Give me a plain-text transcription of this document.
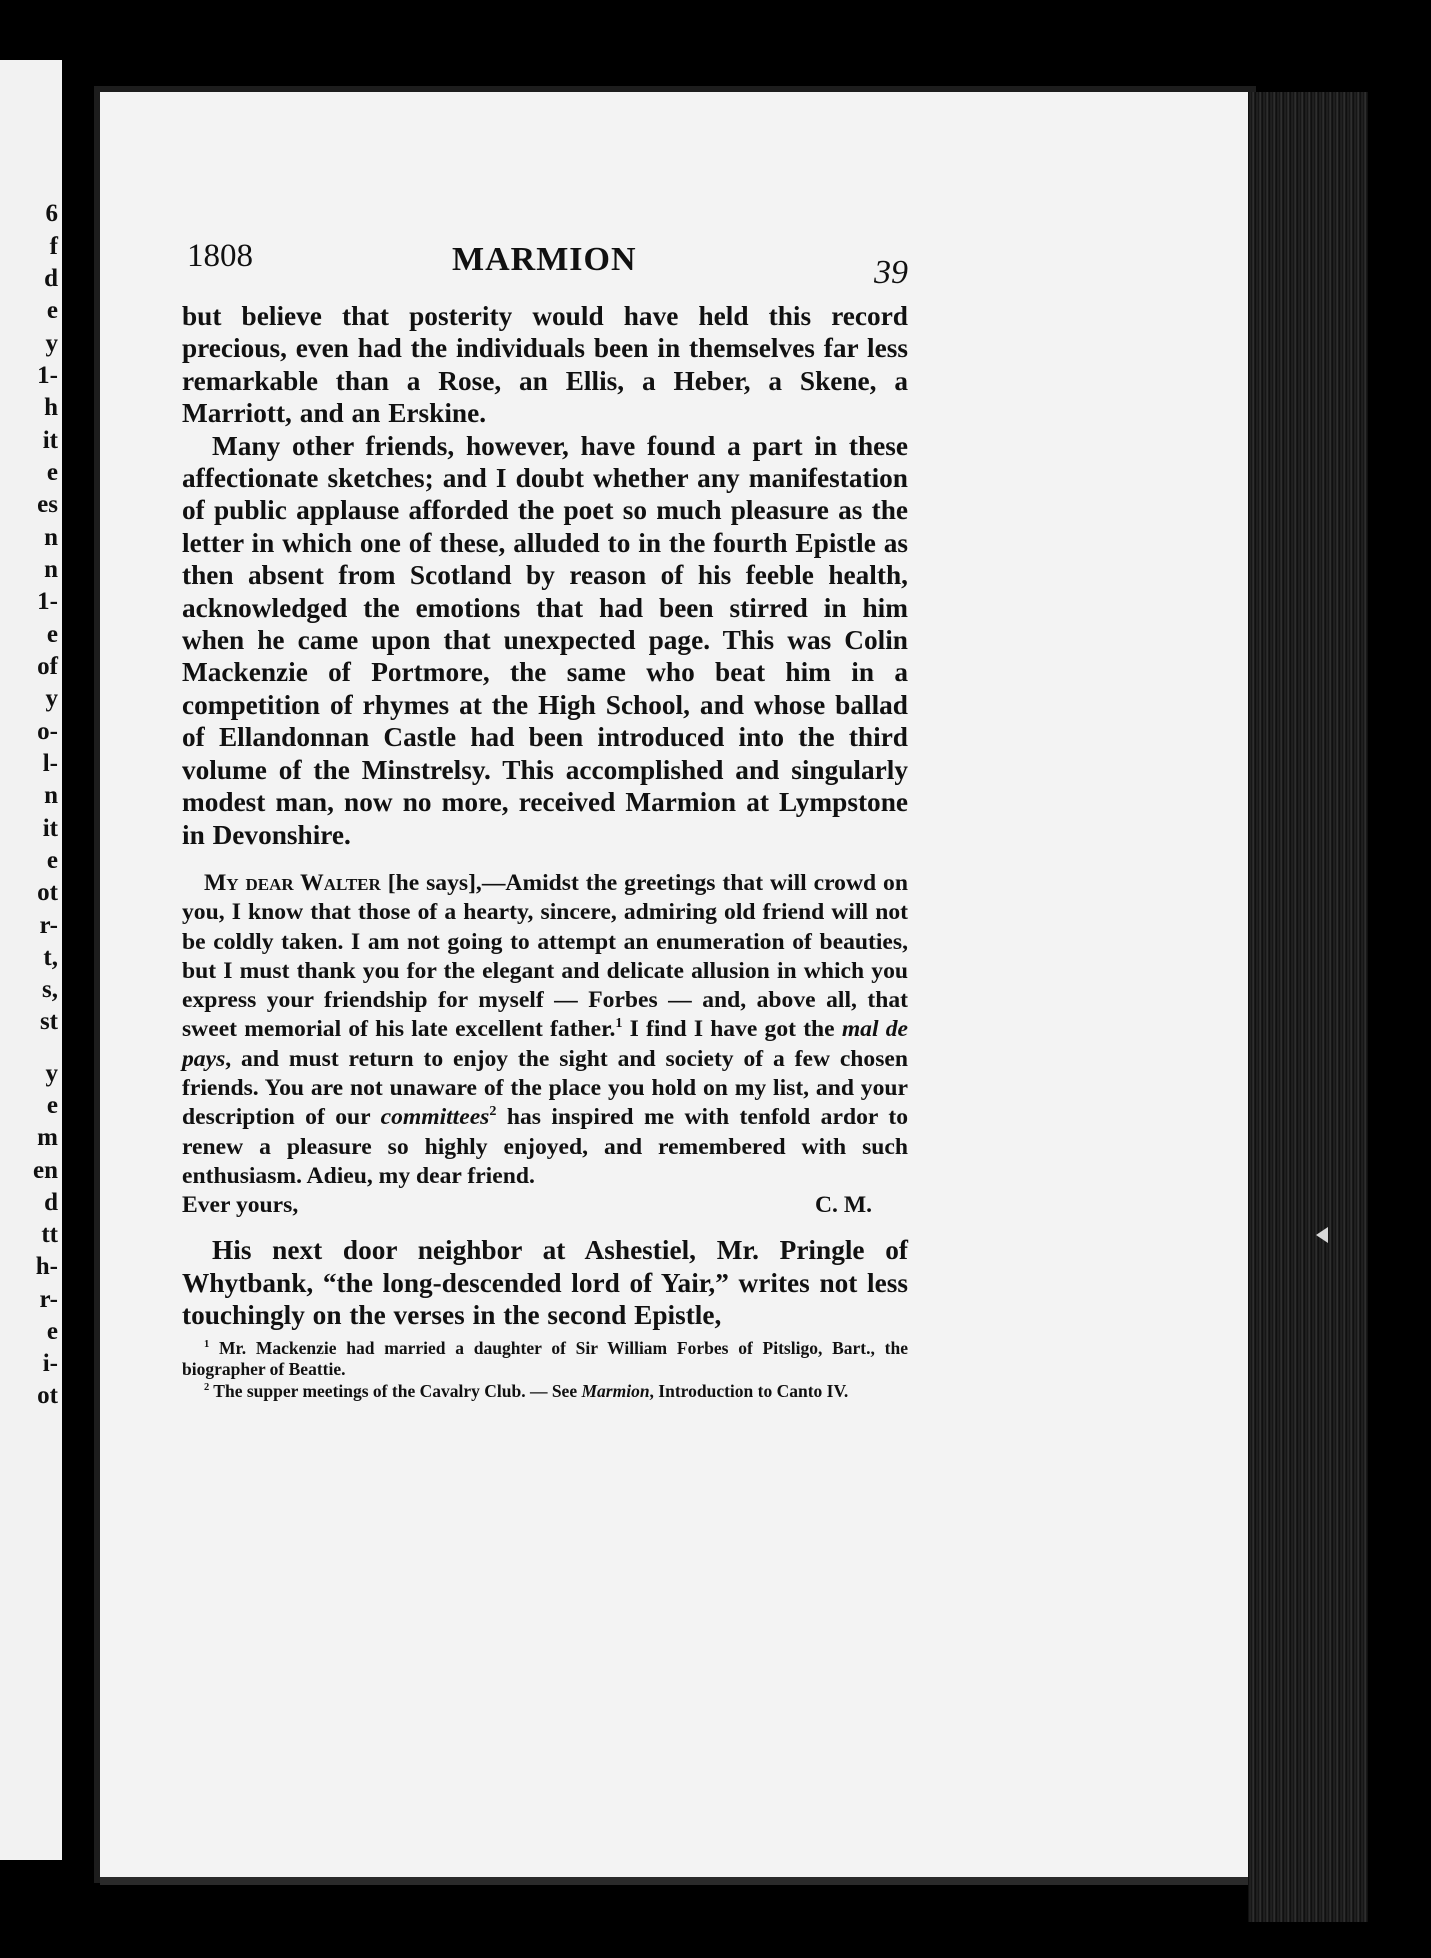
6
f
d
e
y
1-
h
it
e
es
n
n
1-
e
of
y
o-
l-
n
it
e
ot
r-
t,
s,
st
y
e
m
en
d
tt
h-
r-
e
i-
ot
1808	MARMION	39

but believe that posterity would have held this record precious, even had the individuals been in themselves far less remarkable than a Rose, an Ellis, a Heber, a Skene, a Marriott, and an Erskine.

Many other friends, however, have found a part in these affectionate sketches; and I doubt whether any manifestation of public applause afforded the poet so much pleasure as the letter in which one of these, alluded to in the fourth Epistle as then absent from Scotland by reason of his feeble health, acknowledged the emotions that had been stirred in him when he came upon that unexpected page. This was Colin Mackenzie of Portmore, the same who beat him in a competition of rhymes at the High School, and whose ballad of Ellandonnan Castle had been introduced into the third volume of the Minstrelsy. This accomplished and singularly modest man, now no more, received Marmion at Lympstone in Devonshire.

My dear Walter [he says],—Amidst the greetings that will crowd on you, I know that those of a hearty, sincere, admiring old friend will not be coldly taken. I am not going to attempt an enumeration of beauties, but I must thank you for the elegant and delicate allusion in which you express your friendship for myself — Forbes — and, above all, that sweet memorial of his late excellent father.$^1$ I find I have got the mal de pays, and must return to enjoy the sight and society of a few chosen friends. You are not unaware of the place you hold on my list, and your description of our committees$^2$ has inspired me with tenfold ardor to renew a pleasure so highly enjoyed, and remembered with such enthusiasm. Adieu, my dear friend.
Ever yours,	C. M.

His next door neighbor at Ashestiel, Mr. Pringle of Whytbank, “the long-descended lord of Yair,” writes not less touchingly on the verses in the second Epistle,

$^1$ Mr. Mackenzie had married a daughter of Sir William Forbes of Pitsligo, Bart., the biographer of Beattie.

$^2$ The supper meetings of the Cavalry Club. — See Marmion, Introduction to Canto IV.
